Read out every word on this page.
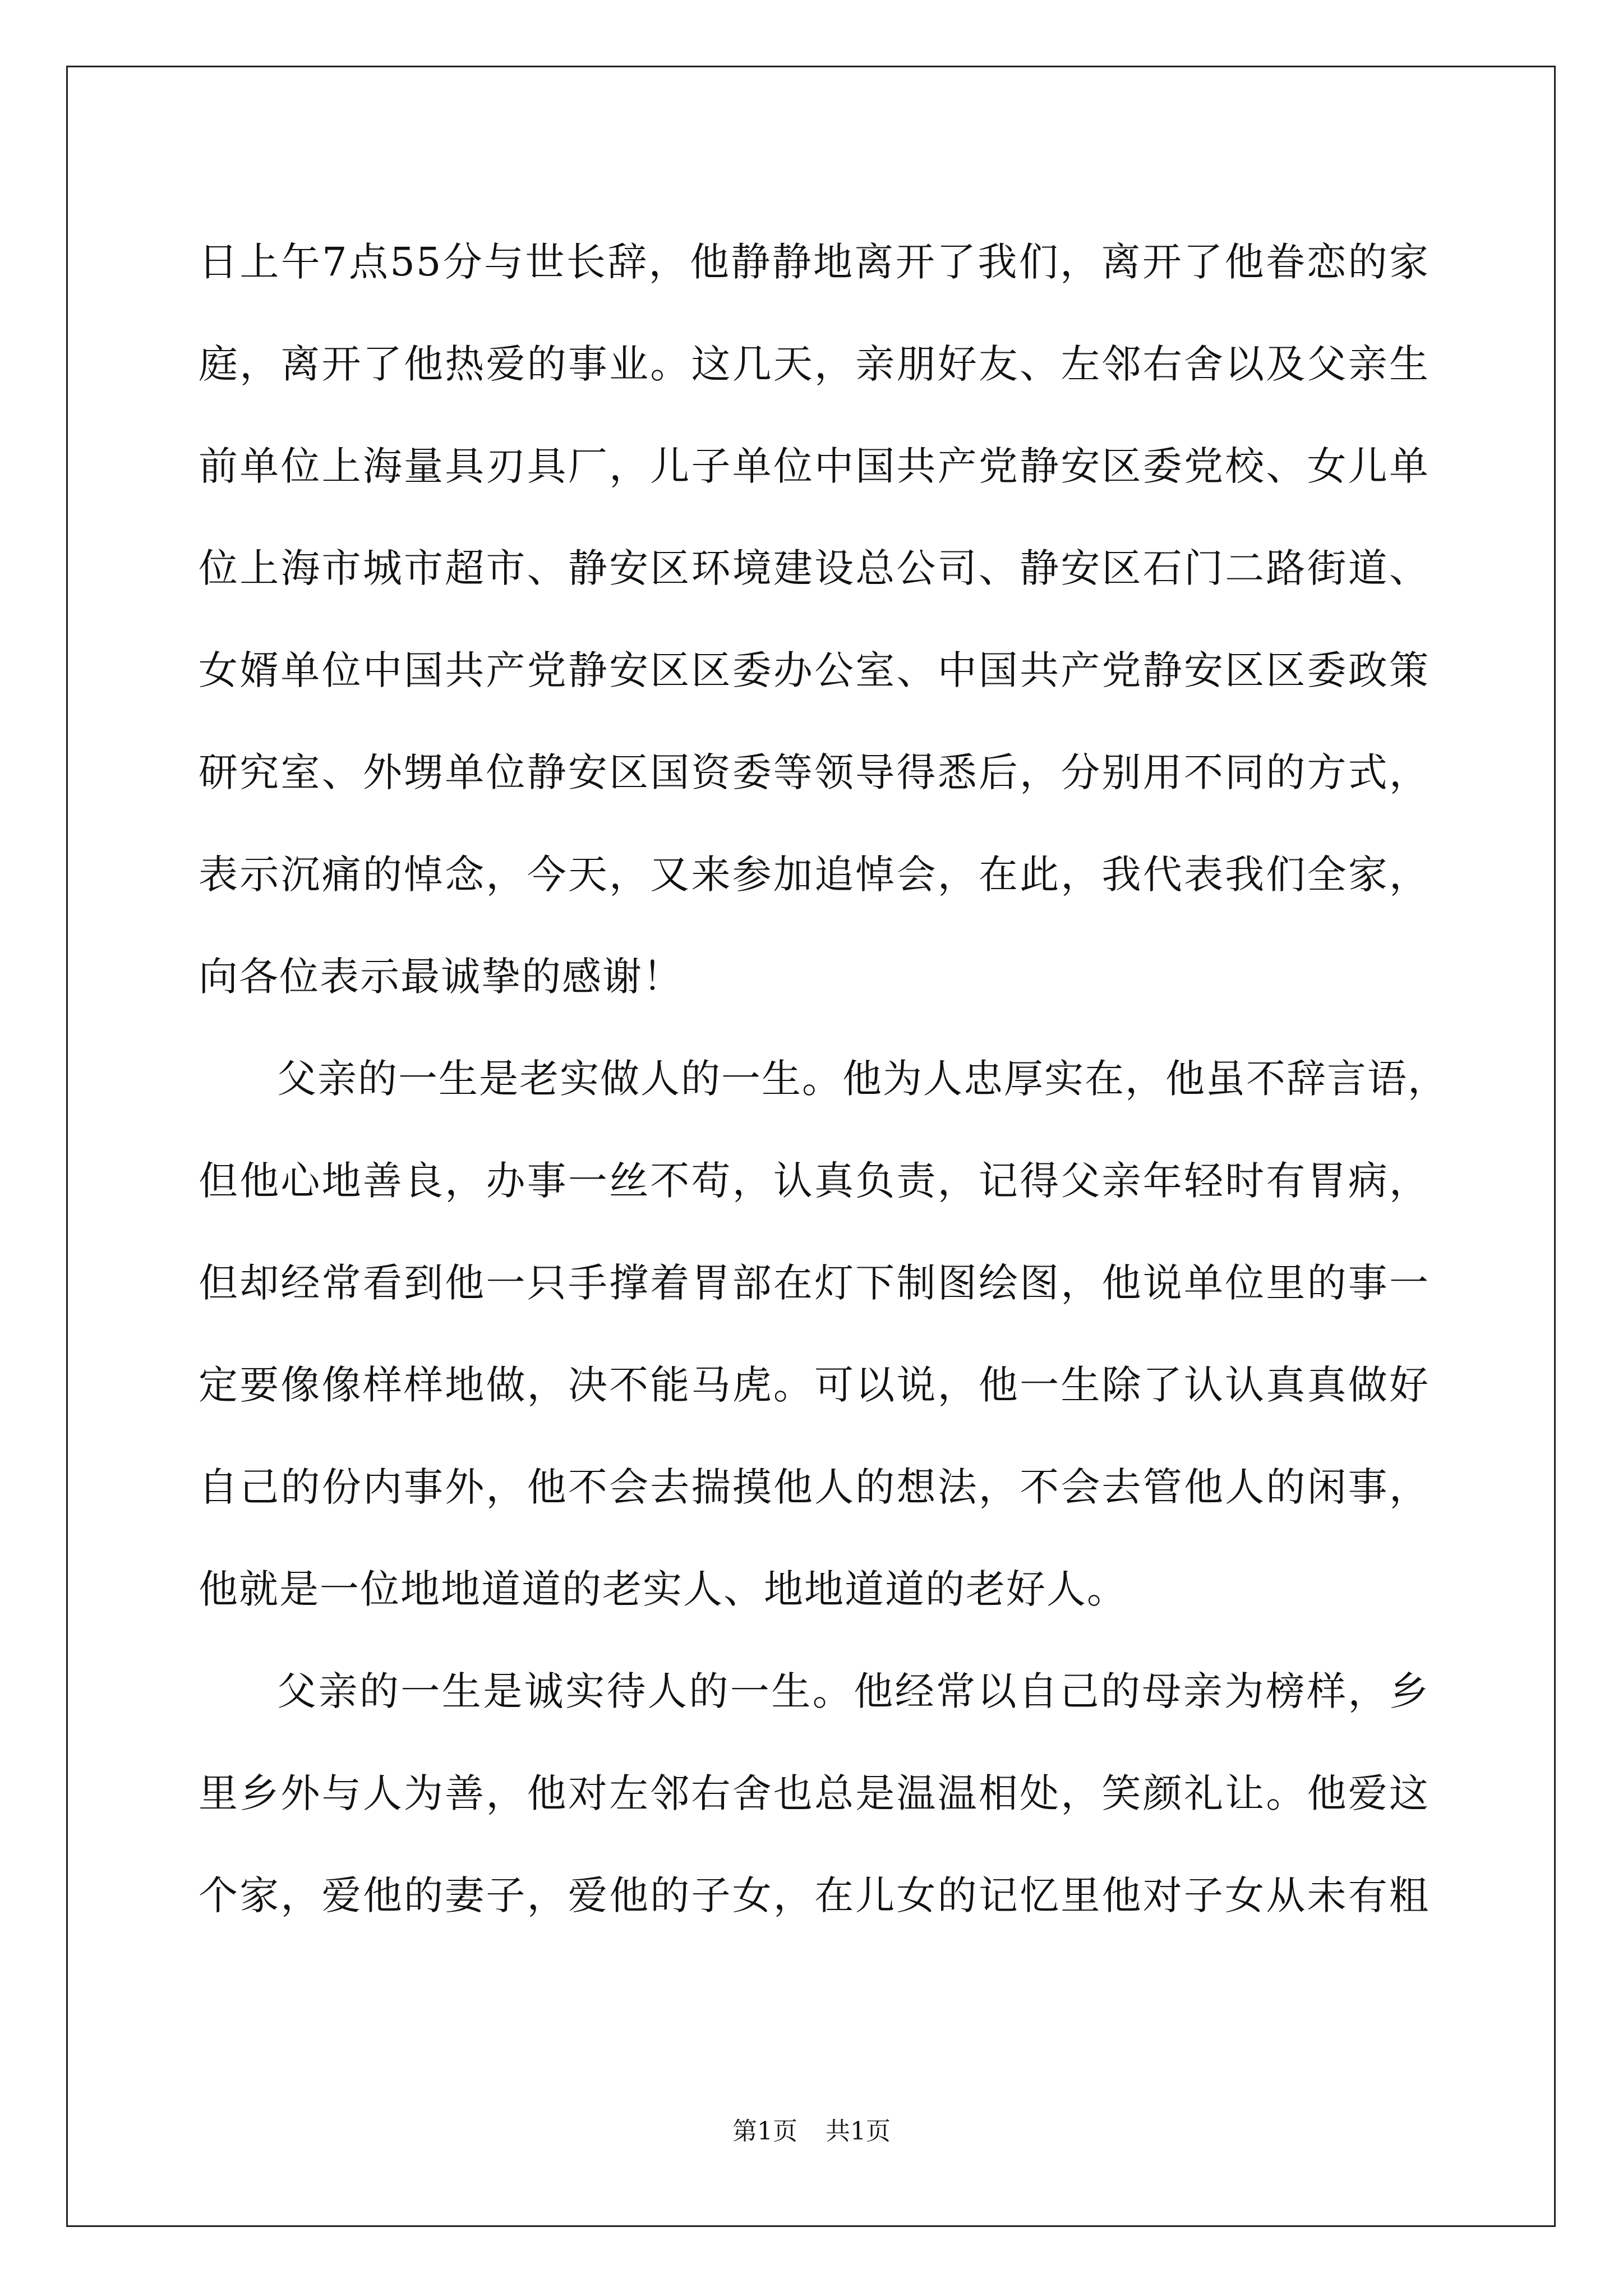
日上午7点55分与世长辞，他静静地离开了我们，离开了他眷恋的家
庭，离开了他热爱的事业。这几天，亲朋好友、左邻右舍以及父亲生
前单位上海量具刃具厂，儿子单位中国共产党静安区委党校、女儿单
位上海市城市超市、静安区环境建设总公司、静安区石门二路街道、
女婿单位中国共产党静安区区委办公室、中国共产党静安区区委政策
研究室、外甥单位静安区国资委等领导得悉后，分别用不同的方式，
表示沉痛的悼念，今天，又来参加追悼会，在此，我代表我们全家，
向各位表示最诚挚的感谢！
父亲的一生是老实做人的一生。他为人忠厚实在，他虽不辞言语，
但他心地善良，办事一丝不苟，认真负责，记得父亲年轻时有胃病，
但却经常看到他一只手撑着胃部在灯下制图绘图，他说单位里的事一
定要像像样样地做，决不能马虎。可以说，他一生除了认认真真做好
自己的份内事外，他不会去揣摸他人的想法，不会去管他人的闲事，
他就是一位地地道道的老实人、地地道道的老好人。
父亲的一生是诚实待人的一生。他经常以自己的母亲为榜样，乡
里乡外与人为善，他对左邻右舍也总是温温相处，笑颜礼让。他爱这
个家，爱他的妻子，爱他的子女，在儿女的记忆里他对子女从未有粗
第1页 共1页
